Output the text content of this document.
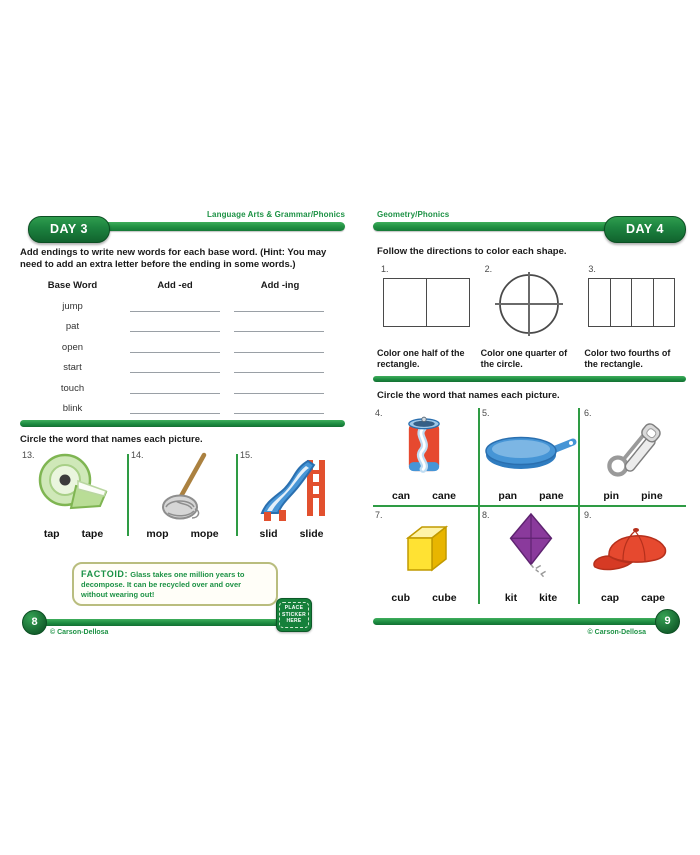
Language Arts & Grammar/Phonics
DAY 3
Add endings to write new words for each base word. (Hint: You may need to add an extra letter before the ending in some words.)
Base Word	Add -ed	Add -ing
jump
pat
open
start
touch
blink
Circle the word that names each picture.
13.
tap tape
14.
mop mope
15.
slid slide
FACTOID: Glass takes one million years to decompose. It can be recycled over and over without wearing out!
8
PLACE
STICKER
HERE
© Carson-Dellosa
Geometry/Phonics
DAY 4
Follow the directions to color each shape.
1.
Color one half of the rectangle.
2.
Color one quarter of the circle.
3.
Color two fourths of the rectangle.
Circle the word that names each picture.
4.
can cane
5.
pan pane
6.
pin pine
7.
cub cube
8.
kit kite
9.
cap cape
9
© Carson-Dellosa
